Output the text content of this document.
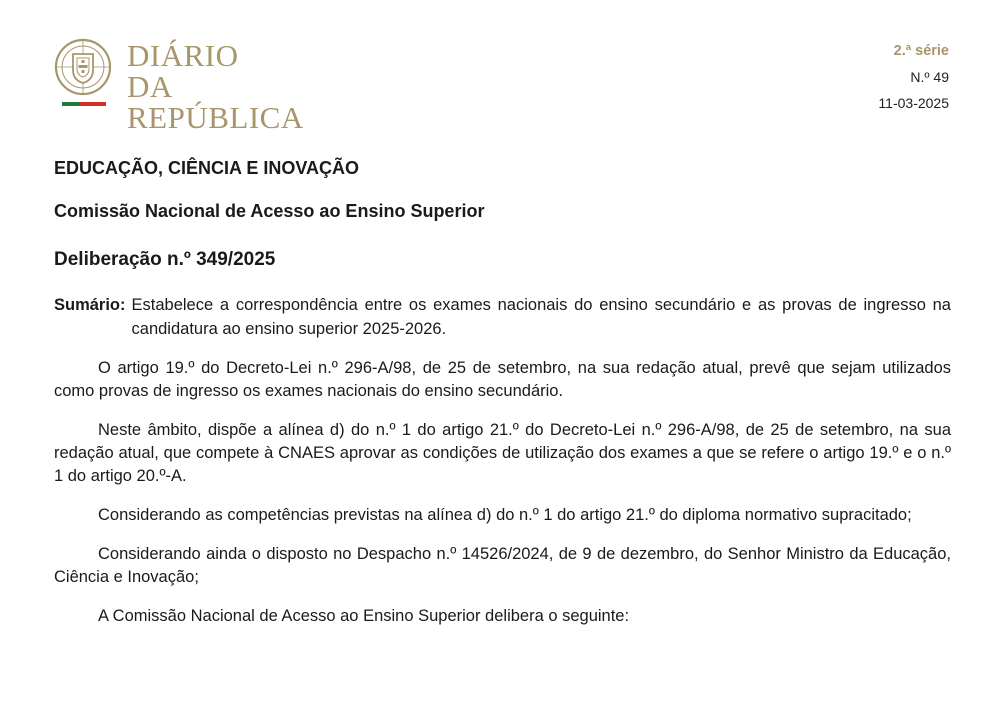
DIÁRIO
DA REPÚBLICA
2.ª série
N.º 49
11-03-2025
EDUCAÇÃO, CIÊNCIA E INOVAÇÃO
Comissão Nacional de Acesso ao Ensino Superior
Deliberação n.º 349/2025
Sumário: Estabelece a correspondência entre os exames nacionais do ensino secundário e as provas de ingresso na candidatura ao ensino superior 2025-2026.

O artigo 19.º do Decreto-Lei n.º 296-A/98, de 25 de setembro, na sua redação atual, prevê que sejam utilizados como provas de ingresso os exames nacionais do ensino secundário.

Neste âmbito, dispõe a alínea d) do n.º 1 do artigo 21.º do Decreto-Lei n.º 296-A/98, de 25 de setembro, na sua redação atual, que compete à CNAES aprovar as condições de utilização dos exames a que se refere o artigo 19.º e o n.º 1 do artigo 20.º-A.

Considerando as competências previstas na alínea d) do n.º 1 do artigo 21.º do diploma normativo supracitado;

Considerando ainda o disposto no Despacho n.º 14526/2024, de 9 de dezembro, do Senhor Ministro da Educação, Ciência e Inovação;

A Comissão Nacional de Acesso ao Ensino Superior delibera o seguinte:
